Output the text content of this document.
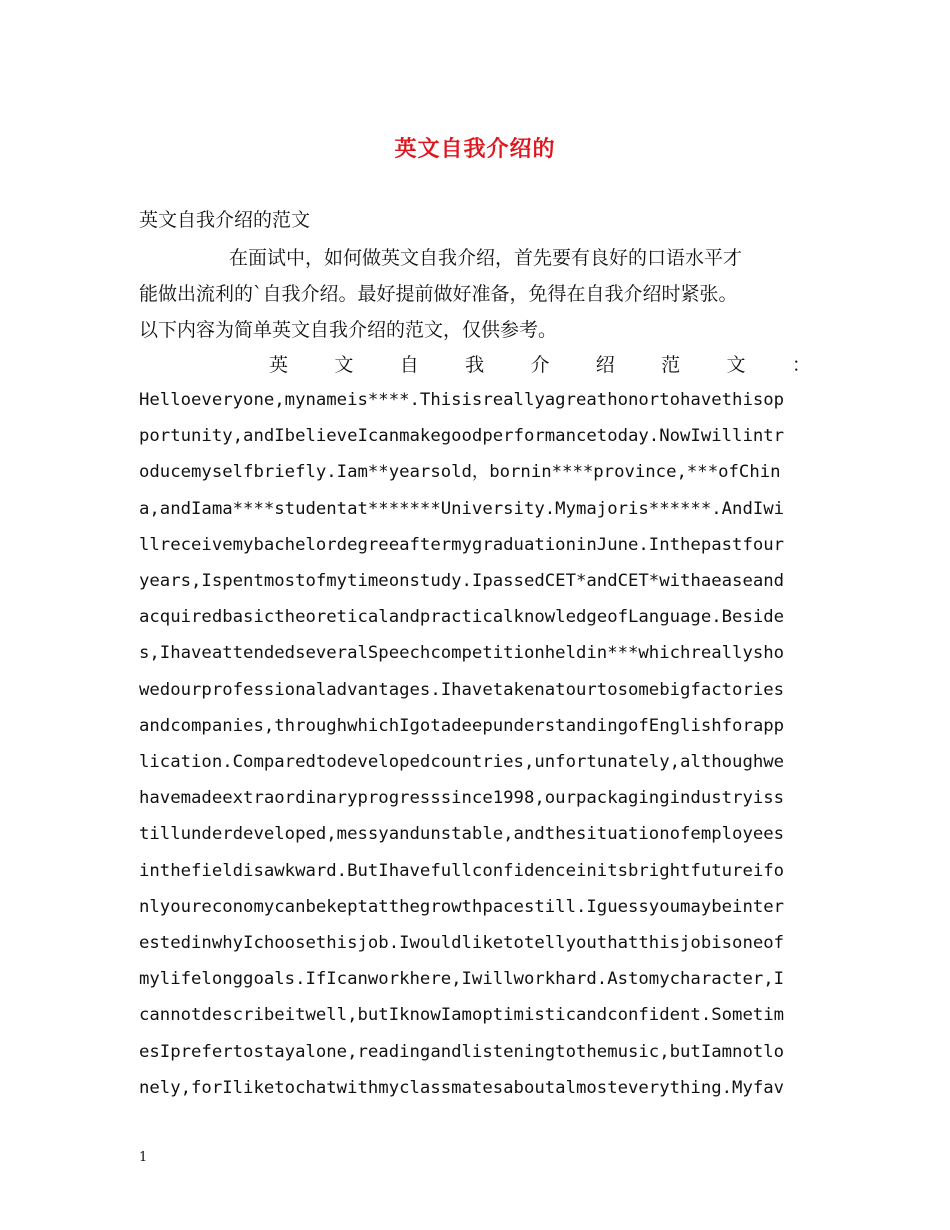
英文自我介绍的
英文自我介绍的范文
在面试中，如何做英文自我介绍，首先要有良好的口语水平才
能做出流利的`自我介绍。最好提前做好准备，免得在自我介绍时紧张。
以下内容为简单英文自我介绍的范文，仅供参考。
英 文 自 我 介 绍 范 文 ：
Helloeveryone,mynameis****.Thisisreallyagreathonortohavethisop
portunity,andIbelieveIcanmakegoodperformancetoday.NowIwillintr
oducemyselfbriefly.Iam**yearsold，bornin****province,***ofChin
a,andIama****studentat*******University.Mymajoris******.AndIwi
llreceivemybachelordegreeaftermygraduationinJune.Inthepastfour
years,Ispentmostofmytimeonstudy.IpassedCET*andCET*withaeaseand
acquiredbasictheoreticalandpracticalknowledgeofLanguage.Beside
s,IhaveattendedseveralSpeechcompetitionheldin***whichreallysho
wedourprofessionaladvantages.Ihavetakenatourtosomebigfactories
andcompanies,throughwhichIgotadeepunderstandingofEnglishforapp
lication.Comparedtodevelopedcountries,unfortunately,althoughwe
havemadeextraordinaryprogresssince1998,ourpackagingindustryiss
tillunderdeveloped,messyandunstable,andthesituationofemployees
inthefieldisawkward.ButIhavefullconfidenceinitsbrightfutureifo
nlyoureconomycanbekeptatthegrowthpacestill.Iguessyoumaybeinter
estedinwhyIchoosethisjob.Iwouldliketotellyouthatthisjobisoneof
mylifelonggoals.IfIcanworkhere,Iwillworkhard.Astomycharacter,I
cannotdescribeitwell,butIknowIamoptimisticandconfident.Sometim
esIprefertostayalone,readingandlisteningtothemusic,butIamnotlo
nely,forIliketochatwithmyclassmatesaboutalmosteverything.Myfav
1
